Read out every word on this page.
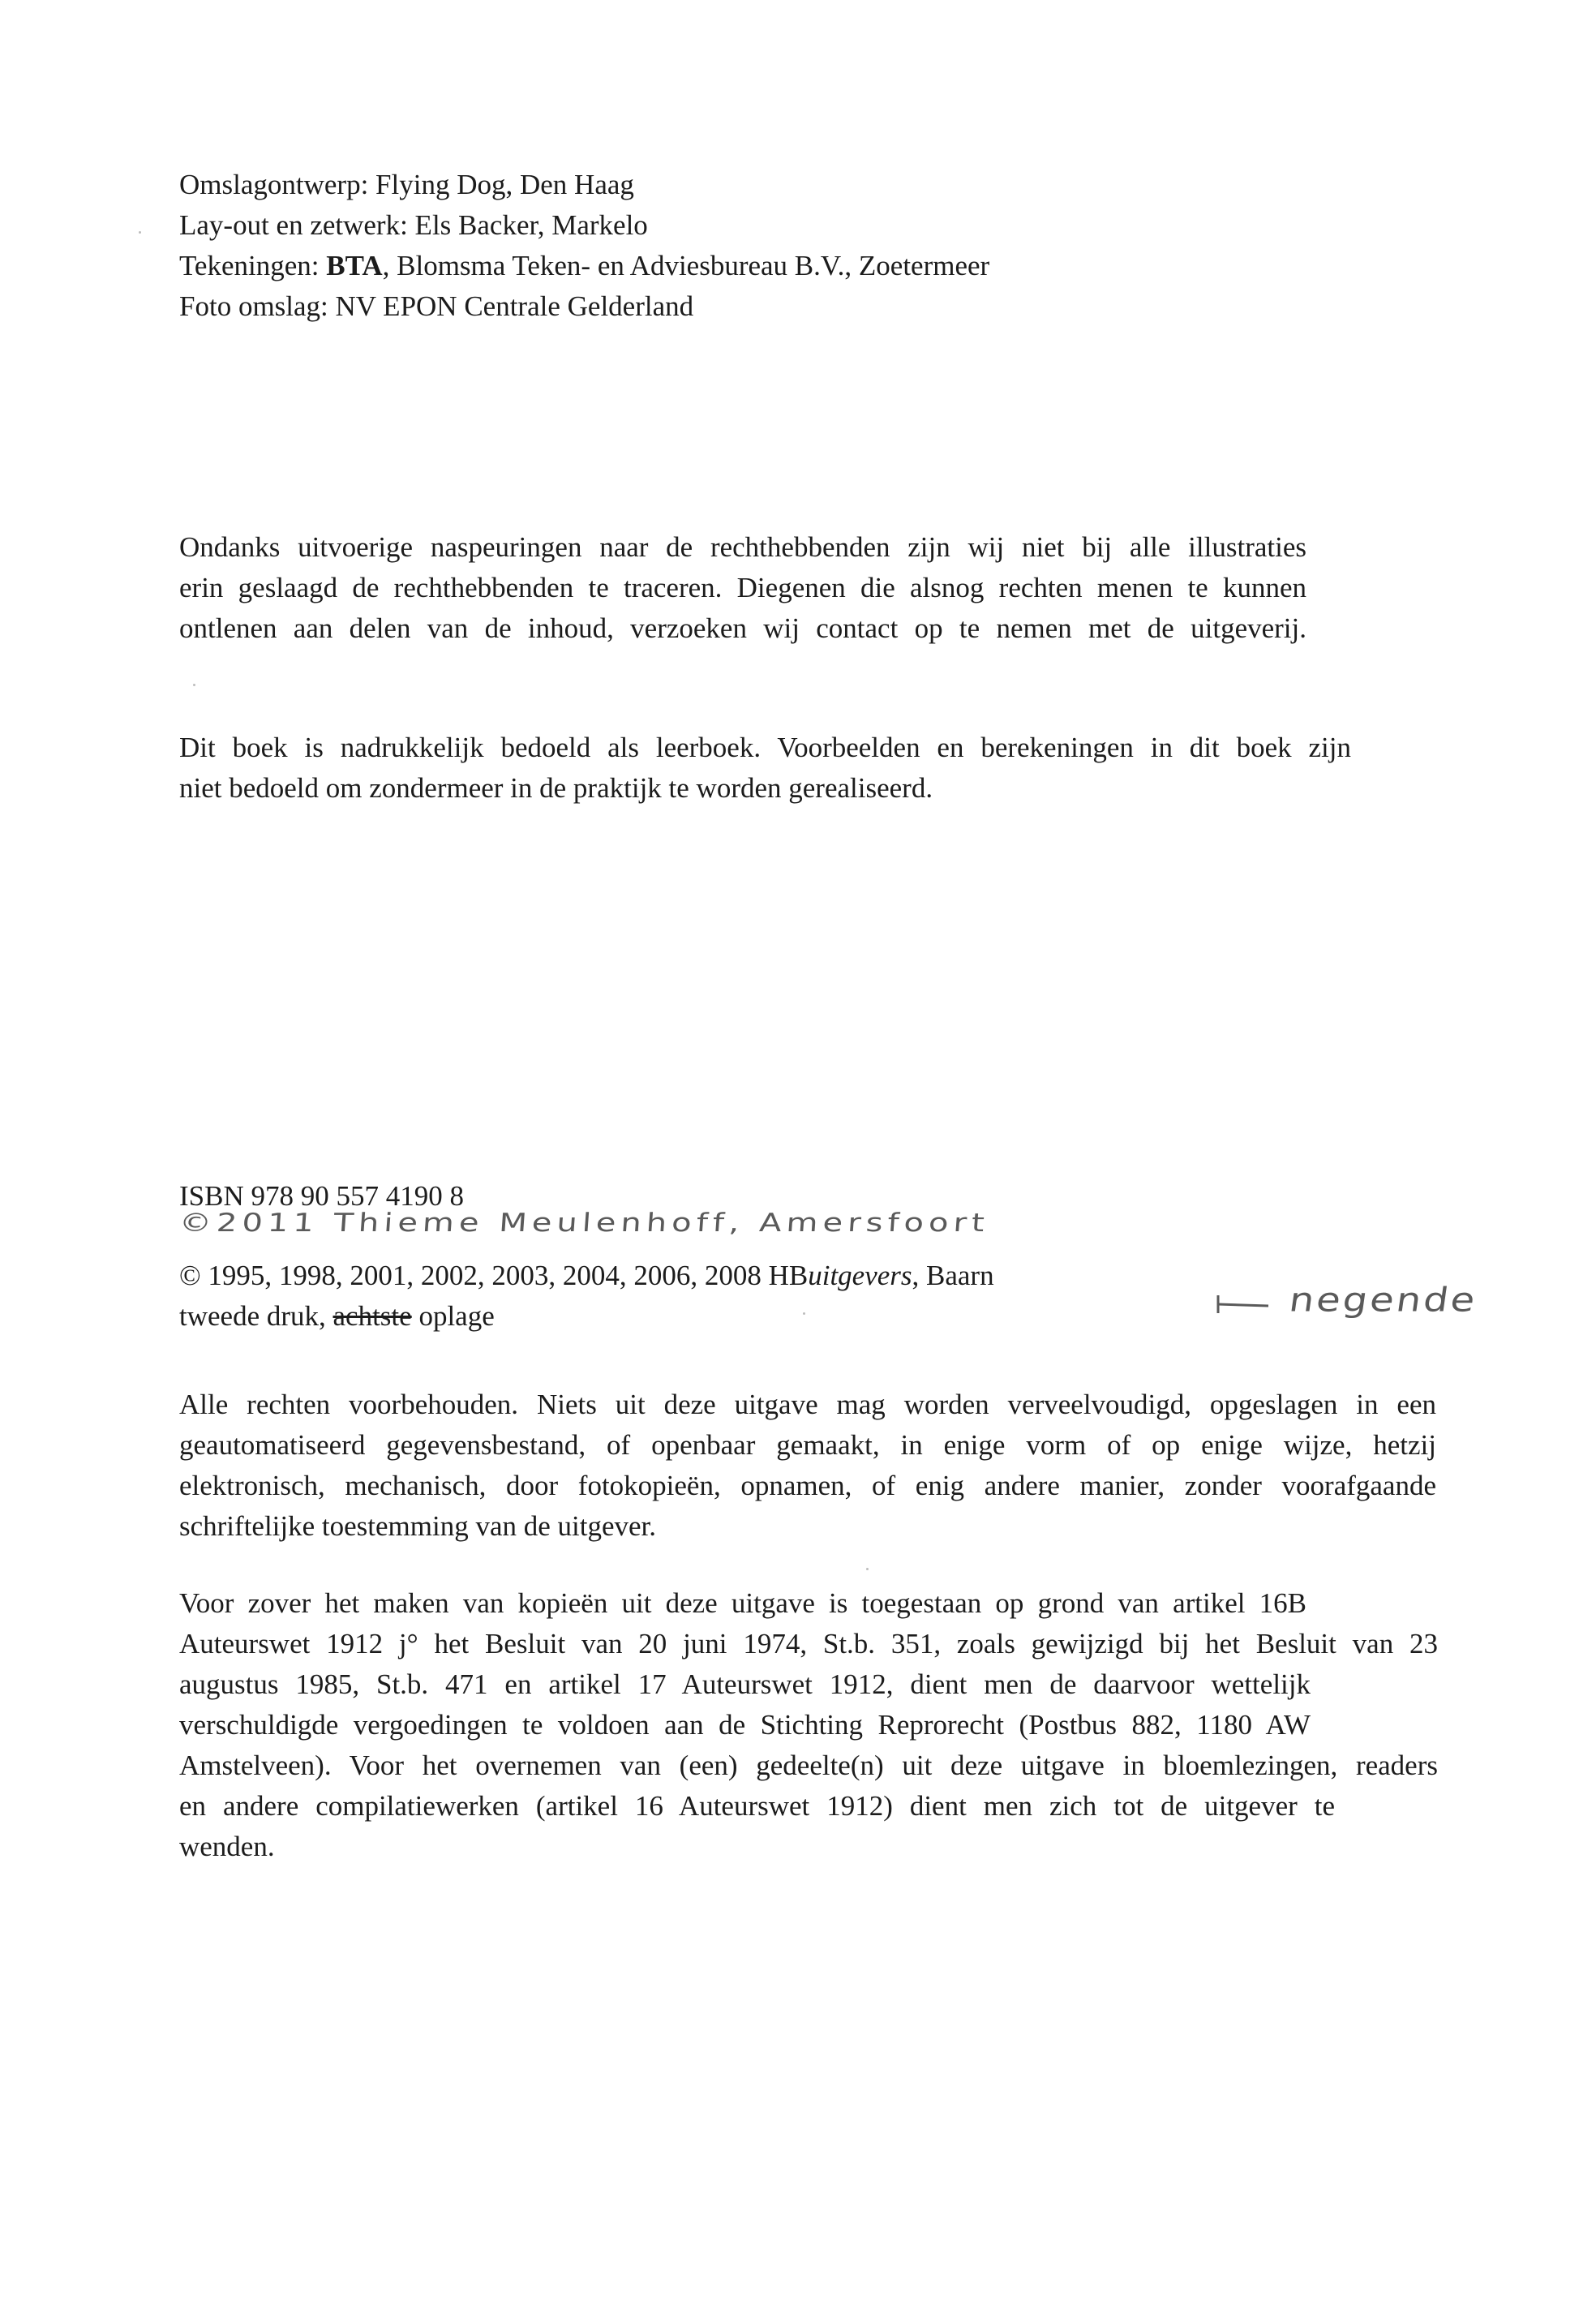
Omslagontwerp: Flying Dog, Den Haag
Lay-out en zetwerk: Els Backer, Markelo
Tekeningen: BTA, Blomsma Teken- en Adviesbureau B.V., Zoetermeer
Foto omslag: NV EPON Centrale Gelderland
Ondanks uitvoerige naspeuringen naar de rechthebbenden zijn wij niet bij alle illustraties
erin geslaagd de rechthebbenden te traceren. Diegenen die alsnog rechten menen te kunnen
ontlenen aan delen van de inhoud, verzoeken wij contact op te nemen met de uitgeverij.
Dit boek is nadrukkelijk bedoeld als leerboek. Voorbeelden en berekeningen in dit boek zijn
niet bedoeld om zondermeer in de praktijk te worden gerealiseerd.
ISBN 978 90 557 4190 8
©2011 Thieme Meulenhoff, Amersfoort
© 1995, 1998, 2001, 2002, 2003, 2004, 2006, 2008 HBuitgevers, Baarn
tweede druk, achtste oplage	negende
Alle rechten voorbehouden. Niets uit deze uitgave mag worden verveelvoudigd, opgeslagen in een
geautomatiseerd gegevensbestand, of openbaar gemaakt, in enige vorm of op enige wijze, hetzij
elektronisch, mechanisch, door fotokopieën, opnamen, of enig andere manier, zonder voorafgaande
schriftelijke toestemming van de uitgever.
Voor zover het maken van kopieën uit deze uitgave is toegestaan op grond van artikel 16B
Auteurswet 1912 j° het Besluit van 20 juni 1974, St.b. 351, zoals gewijzigd bij het Besluit van 23
augustus 1985, St.b. 471 en artikel 17 Auteurswet 1912, dient men de daarvoor wettelijk
verschuldigde vergoedingen te voldoen aan de Stichting Reprorecht (Postbus 882, 1180 AW
Amstelveen). Voor het overnemen van (een) gedeelte(n) uit deze uitgave in bloemlezingen, readers
en andere compilatiewerken (artikel 16 Auteurswet 1912) dient men zich tot de uitgever te
wenden.
